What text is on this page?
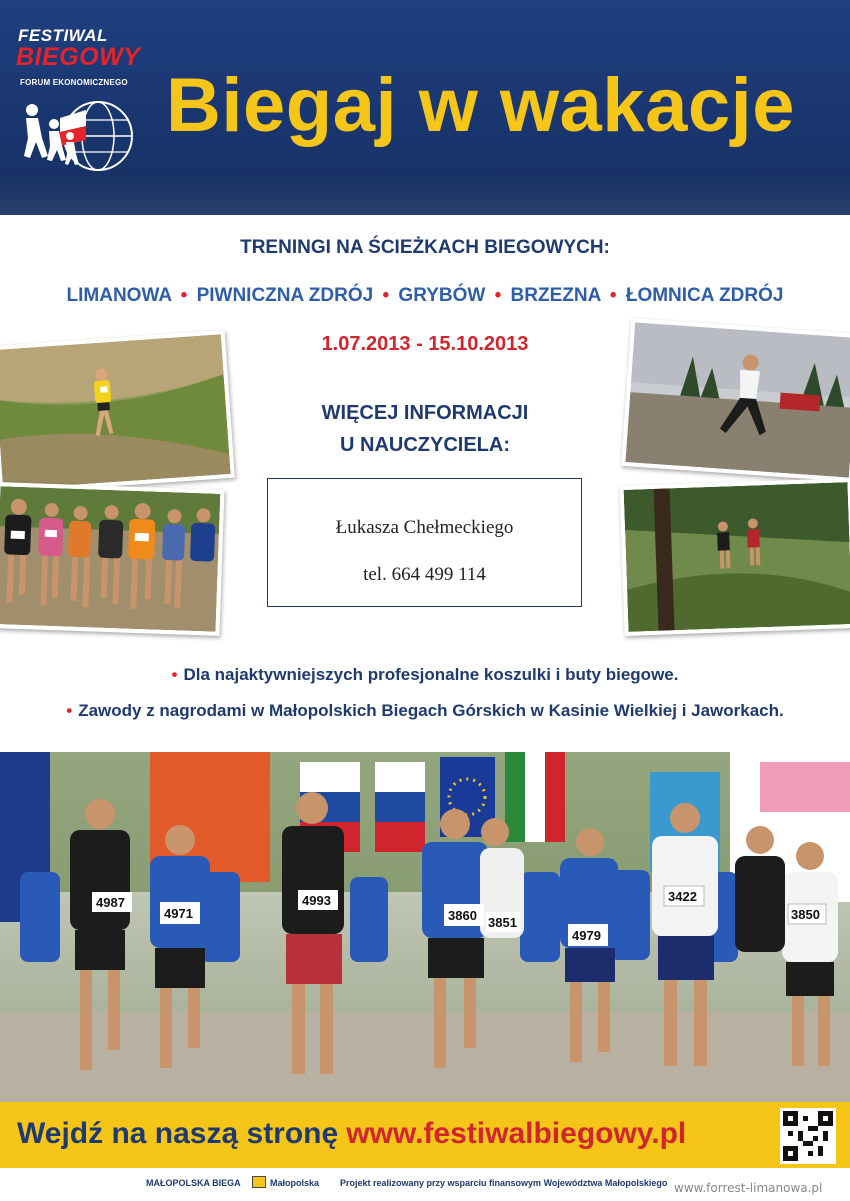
FESTIWAL
BIEGOWY
FORUM EKONOMICZNEGO Biegaj w wakacje
TRENINGI NA ŚCIEŻKACH BIEGOWYCH:
LIMANOWA • PIWNICZNA ZDRÓJ • GRYBÓW • BRZEZNA • ŁOMNICA ZDRÓJ
1.07.2013 - 15.10.2013
WIĘCEJ INFORMACJI
U NAUCZYCIELA:
Łukasza Chełmeckiego
tel. 664 499 114
• Dla najaktywniejszych profesjonalne koszulki i buty biegowe.
• Zawody z nagrodami w Małopolskich Biegach Górskich w Kasinie Wielkiej i Jaworkach.
4987
4971
4993
3860 3851
4979
3422
3850
Wejdź na naszą stronę www.festiwalbiegowy.pl
MAŁOPOLSKA BIEGA	Małopolska Projekt realizowany przy wsparciu finansowym Województwa Małopolskiego www.forrest-limanowa.pl
